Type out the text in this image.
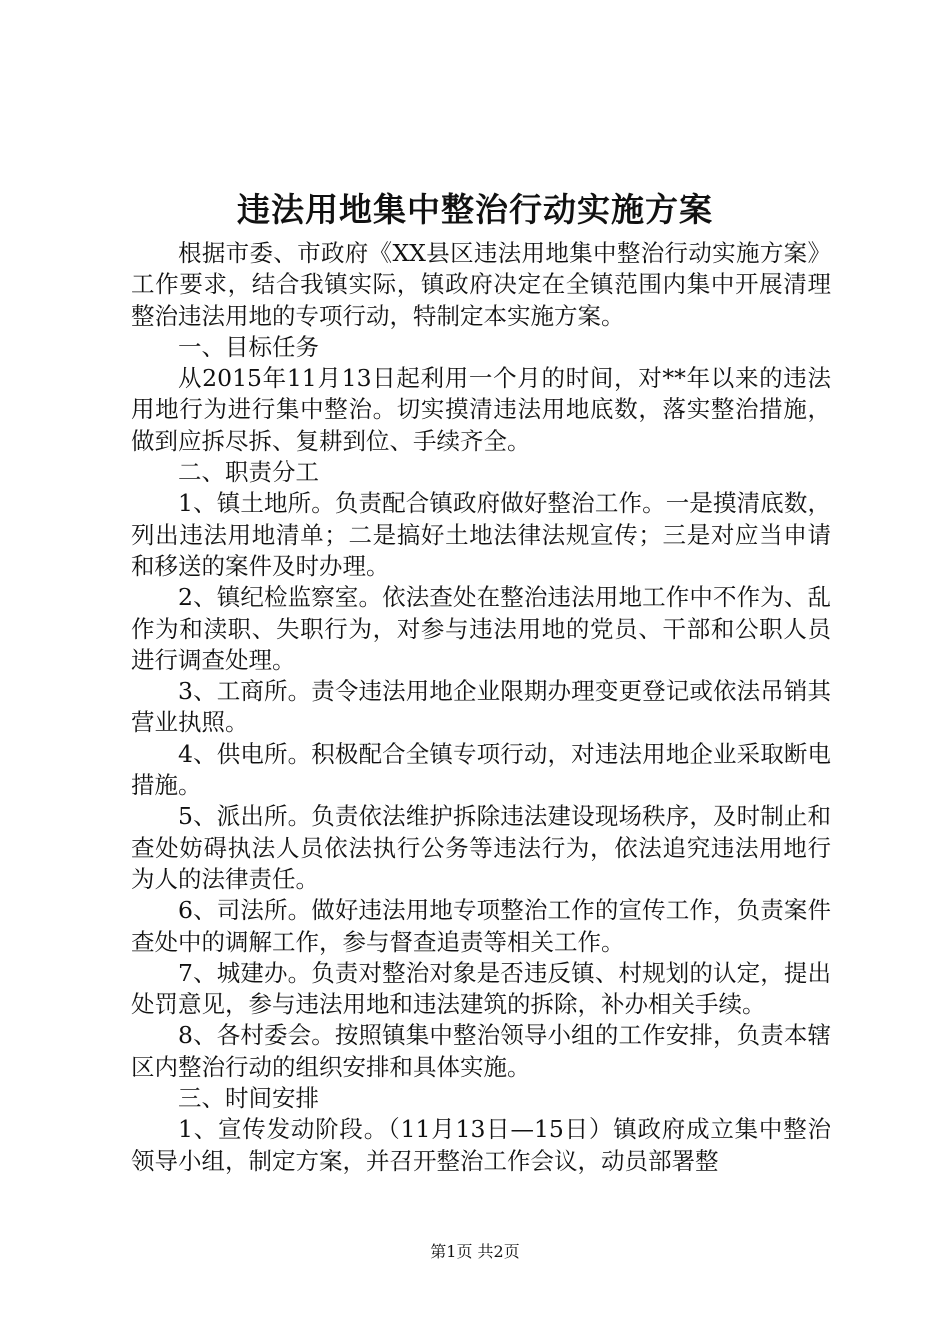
违法用地集中整治行动实施方案

根据市委、市政府《XX县区违法用地集中整治行动实施方案》工作要求，结合我镇实际，镇政府决定在全镇范围内集中开展清理整治违法用地的专项行动，特制定本实施方案。

一、目标任务

从2015年11月13日起利用一个月的时间，对**年以来的违法用地行为进行集中整治。切实摸清违法用地底数，落实整治措施，做到应拆尽拆、复耕到位、手续齐全。

二、职责分工

1、镇土地所。负责配合镇政府做好整治工作。一是摸清底数，列出违法用地清单；二是搞好土地法律法规宣传；三是对应当申请和移送的案件及时办理。

2、镇纪检监察室。依法查处在整治违法用地工作中不作为、乱作为和渎职、失职行为，对参与违法用地的党员、干部和公职人员进行调查处理。

3、工商所。责令违法用地企业限期办理变更登记或依法吊销其营业执照。

4、供电所。积极配合全镇专项行动，对违法用地企业采取断电措施。

5、派出所。负责依法维护拆除违法建设现场秩序，及时制止和查处妨碍执法人员依法执行公务等违法行为，依法追究违法用地行为人的法律责任。

6、司法所。做好违法用地专项整治工作的宣传工作，负责案件查处中的调解工作，参与督查追责等相关工作。

7、城建办。负责对整治对象是否违反镇、村规划的认定，提出处罚意见，参与违法用地和违法建筑的拆除，补办相关手续。

8、各村委会。按照镇集中整治领导小组的工作安排，负责本辖区内整治行动的组织安排和具体实施。

三、时间安排

1、宣传发动阶段。（11月13日—15日）镇政府成立集中整治领导小组，制定方案，并召开整治工作会议，动员部署整

第1页 共2页
